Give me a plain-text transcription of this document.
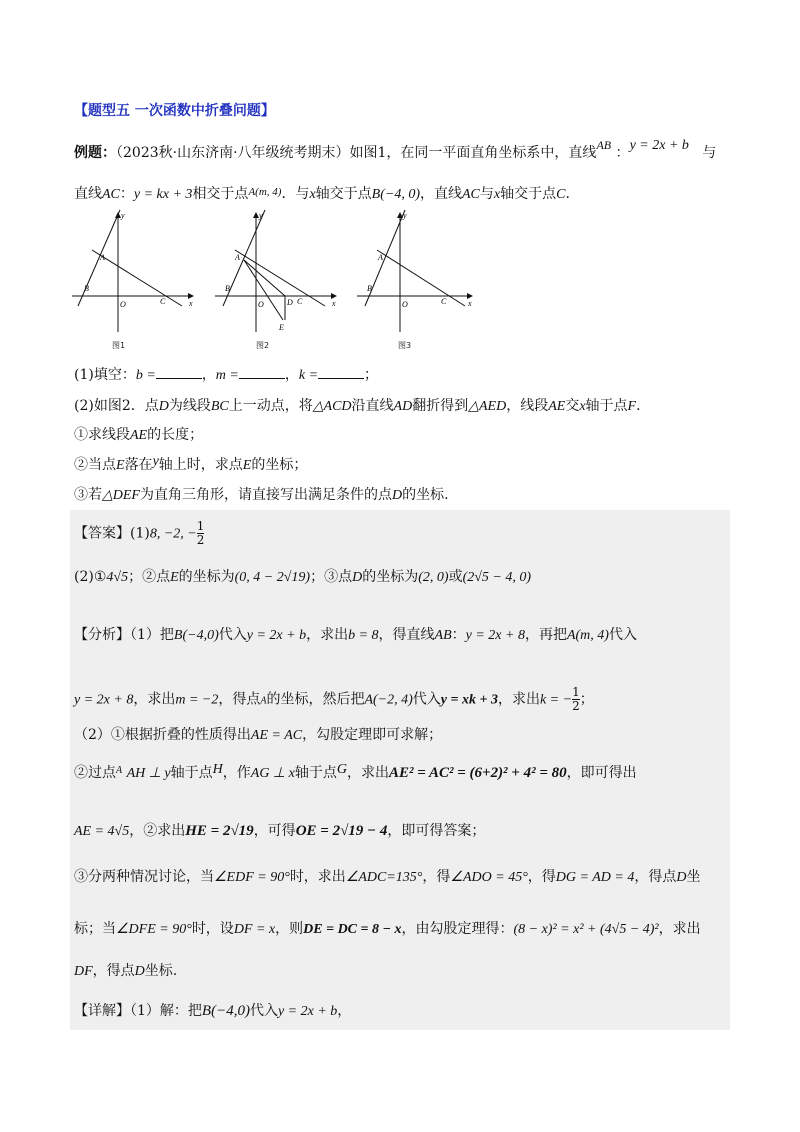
【题型五 一次函数中折叠问题】
例题：（2023秋·山东济南·八年级统考期末）如图1，在同一平面直角坐标系中，直线AB ：y = 2x + b 与
直线AC：y = kx + 3相交于点$^{A(m, 4)}$．与x轴交于点B(−4, 0)，直线AC与x轴交于点C.
y
x
O
A
B
C
图1
y
x
O
A
B
C
D
E
图2
y
x
O
A
B
C
图3
(1)填空：b =	，m =	，k =	；
(2)如图2．点D为线段BC上一动点，将△ACD沿直线AD翻折得到△AED，线段AE交x轴于点F．
①求线段AE的长度；
②当点E落在y轴上时，求点E的坐标；
③若△DEF为直角三角形，请直接写出满足条件的点D的坐标.
【答案】(1)8, −2, − $\frac{1}{2}$
(2)①4√5；②点E的坐标为(0, 4 − 2√19)；③点D的坐标为(2, 0)或(2√5 − 4, 0)
【分析】（1）把B(−4,0)代入y = 2x + b，求出b = 8，得直线AB：y = 2x + 8，再把A(m, 4)代入
y = 2x + 8，求出m = −2，得点A的坐标，然后把A(−2, 4)代入y = xk + 3，求出k = − $\frac{1}{2}$ ；
（2）①根据折叠的性质得出AE = AC，勾股定理即可求解；
②过点$^A$ AH ⊥ y轴于点H，作AG ⊥ x轴于点G，求出AE² = AC² = (6+2)² + 4² = 80，即可得出
AE = 4√5，②求出HE = 2√19，可得OE = 2√19 − 4，即可得答案；
③分两种情况讨论，当∠EDF = 90°时，求出∠ADC=135°，得∠ADO = 45°，得DG = AD = 4，得点D坐
标；当∠DFE = 90°时，设DF = x，则DE = DC = 8 − x，由勾股定理得：(8 − x)² = x² + (4√5 − 4)²，求出
DF，得点D坐标.
【详解】（1）解：把B(−4,0)代入y = 2x + b，
